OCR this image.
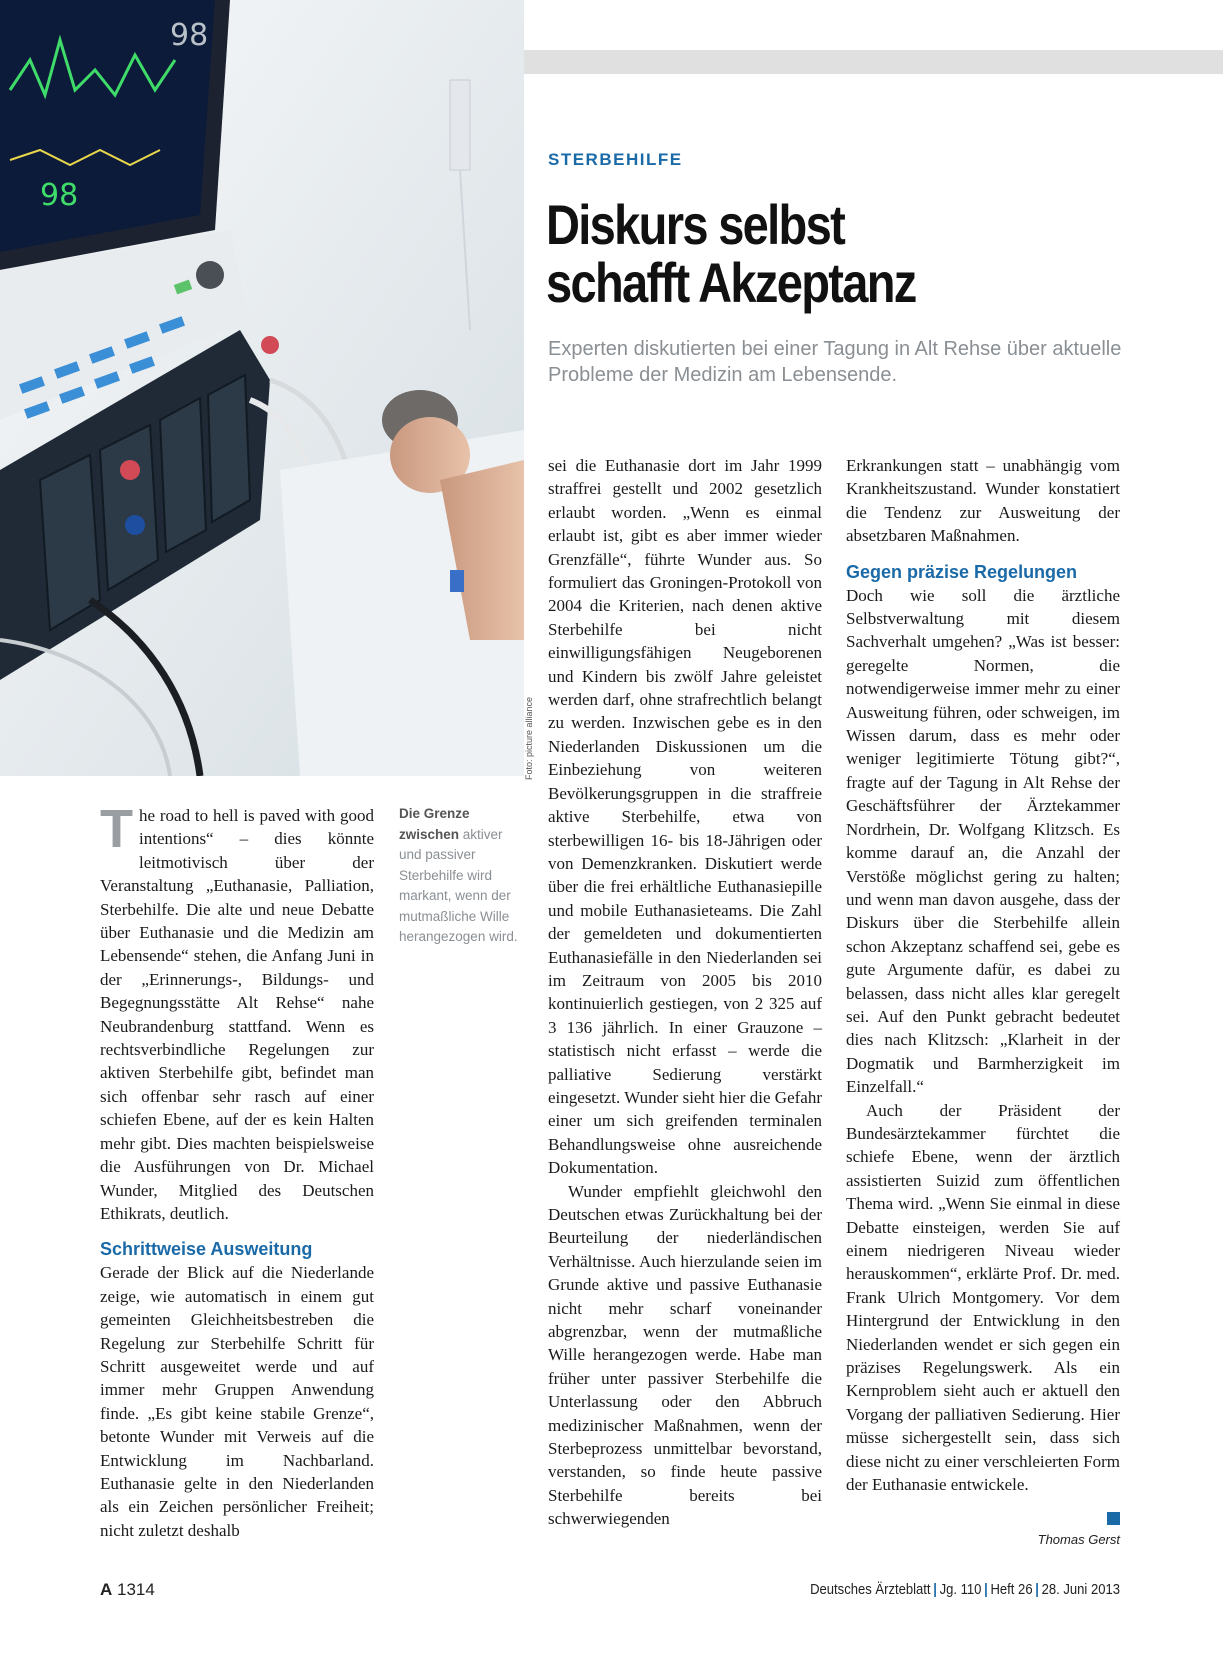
98
98
Foto: picture alliance
STERBEHILFE
Diskurs selbst
schafft Akzeptanz
Experten diskutierten bei einer Tagung in Alt Rehse über aktuelle Probleme der Medizin am Lebensende.

The road to hell is paved with good intentions“ – dies könnte leitmotivisch über der Veranstaltung „Euthanasie, Palliation, Sterbehilfe. Die alte und neue Debatte über Euthanasie und die Medizin am Lebensende“ stehen, die Anfang Juni in der „Erinnerungs-, Bildungs- und Begegnungsstätte Alt Rehse“ nahe Neubrandenburg stattfand. Wenn es rechtsverbindliche Regelungen zur aktiven Sterbehilfe gibt, befindet man sich offenbar sehr rasch auf einer schiefen Ebene, auf der es kein Halten mehr gibt. Dies machten beispielsweise die Ausführungen von Dr. Michael Wunder, Mitglied des Deutschen Ethikrats, deutlich.

Schrittweise Ausweitung

Gerade der Blick auf die Niederlande zeige, wie automatisch in einem gut gemeinten Gleichheitsbestreben die Regelung zur Sterbehilfe Schritt für Schritt ausgeweitet werde und auf immer mehr Gruppen Anwendung finde. „Es gibt keine stabile Grenze“, betonte Wunder mit Verweis auf die Entwicklung im Nachbarland. Euthanasie gelte in den Niederlanden als ein Zeichen persönlicher Freiheit; nicht zuletzt deshalb

Die Grenze zwischen aktiver und passiver Sterbehilfe wird markant, wenn der mutmaßliche Wille herangezogen wird.

sei die Euthanasie dort im Jahr 1999 straffrei gestellt und 2002 gesetzlich erlaubt worden. „Wenn es einmal erlaubt ist, gibt es aber immer wieder Grenzfälle“, führte Wunder aus. So formuliert das Groningen-Protokoll von 2004 die Kriterien, nach denen aktive Sterbehilfe bei nicht einwilligungsfähigen Neugeborenen und Kindern bis zwölf Jahre geleistet werden darf, ohne strafrechtlich belangt zu werden. Inzwischen gebe es in den Niederlanden Diskussionen um die Einbeziehung von weiteren Bevölkerungsgruppen in die straffreie aktive Sterbehilfe, etwa von sterbewilligen 16- bis 18-Jährigen oder von Demenzkranken. Diskutiert werde über die frei erhältliche Euthanasiepille und mobile Euthanasieteams. Die Zahl der gemeldeten und dokumentierten Euthanasiefälle in den Niederlanden sei im Zeitraum von 2005 bis 2010 kontinuierlich gestiegen, von 2 325 auf 3 136 jährlich. In einer Grauzone – statistisch nicht erfasst – werde die palliative Sedierung verstärkt eingesetzt. Wunder sieht hier die Gefahr einer um sich greifenden terminalen Behandlungsweise ohne ausreichende Dokumentation.

Wunder empfiehlt gleichwohl den Deutschen etwas Zurückhaltung bei der Beurteilung der niederländischen Verhältnisse. Auch hierzulande seien im Grunde aktive und passive Euthanasie nicht mehr scharf voneinander abgrenzbar, wenn der mutmaßliche Wille herangezogen werde. Habe man früher unter passiver Sterbehilfe die Unterlassung oder den Abbruch medizinischer Maßnahmen, wenn der Sterbeprozess unmittelbar bevorstand, verstanden, so finde heute passive Sterbehilfe bereits bei schwerwiegenden

Erkrankungen statt – unabhängig vom Krankheitszustand. Wunder konstatiert die Tendenz zur Ausweitung der absetzbaren Maßnahmen.

Gegen präzise Regelungen

Doch wie soll die ärztliche Selbstverwaltung mit diesem Sachverhalt umgehen? „Was ist besser: geregelte Normen, die notwendigerweise immer mehr zu einer Ausweitung führen, oder schweigen, im Wissen darum, dass es mehr oder weniger legitimierte Tötung gibt?“, fragte auf der Tagung in Alt Rehse der Geschäftsführer der Ärztekammer Nordrhein, Dr. Wolfgang Klitzsch. Es komme darauf an, die Anzahl der Verstöße möglichst gering zu halten; und wenn man davon ausgehe, dass der Diskurs über die Sterbehilfe allein schon Akzeptanz schaffend sei, gebe es gute Argumente dafür, es dabei zu belassen, dass nicht alles klar geregelt sei. Auf den Punkt gebracht bedeutet dies nach Klitzsch: „Klarheit in der Dogmatik und Barmherzigkeit im Einzelfall.“

Auch der Präsident der Bundesärztekammer fürchtet die schiefe Ebene, wenn der ärztlich assistierten Suizid zum öffentlichen Thema wird. „Wenn Sie einmal in diese Debatte einsteigen, werden Sie auf einem niedrigeren Niveau wieder herauskommen“, erklärte Prof. Dr. med. Frank Ulrich Montgomery. Vor dem Hintergrund der Entwicklung in den Niederlanden wendet er sich gegen ein präzises Regelungswerk. Als ein Kernproblem sieht auch er aktuell den Vorgang der palliativen Sedierung. Hier müsse sichergestellt sein, dass sich diese nicht zu einer verschleierten Form der Euthanasie entwickele.

Thomas Gerst
A 1314	Deutsches Ärzteblatt | Jg. 110 | Heft 26 | 28. Juni 2013
